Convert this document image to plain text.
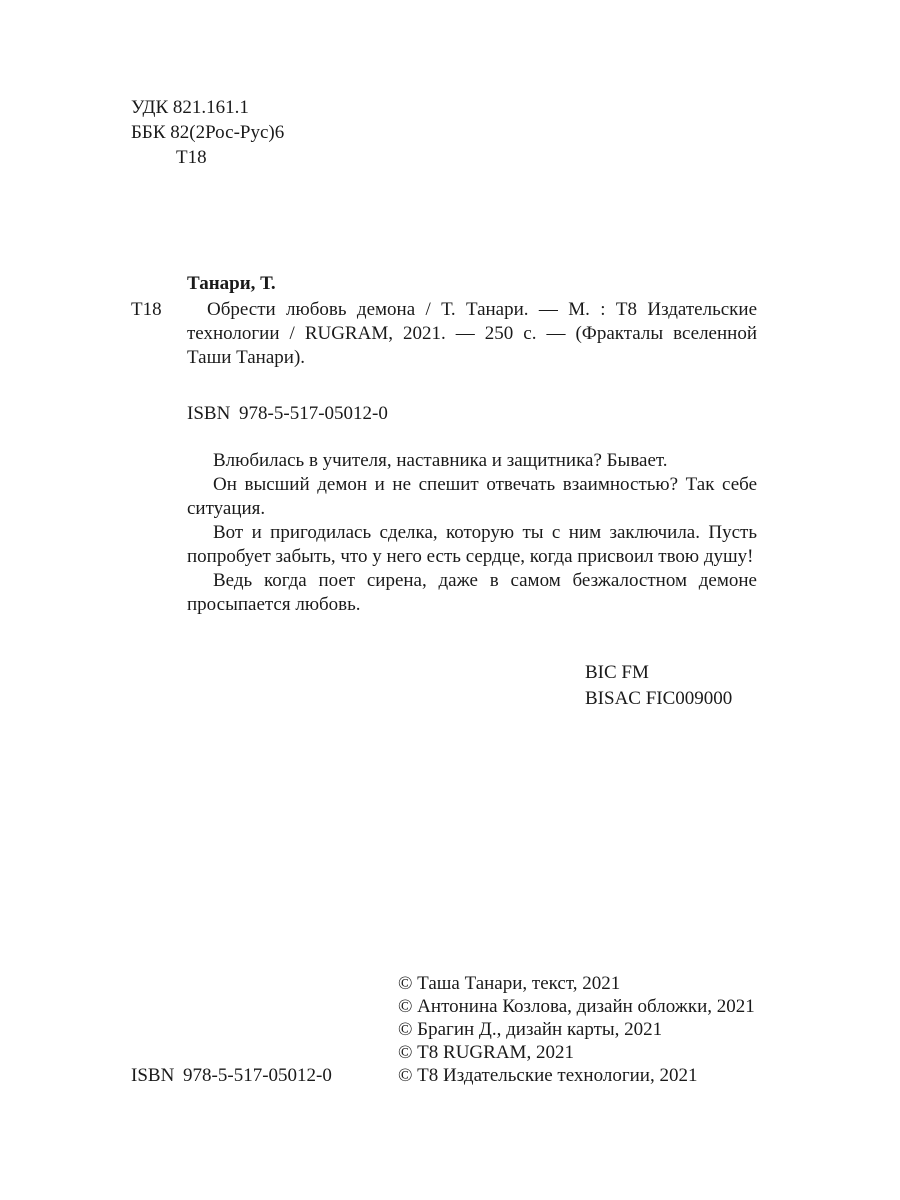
УДК 821.161.1
ББК 82(2Рос-Рус)6
Т18
Танари, Т.
Т18	Обрести любовь демона / Т. Танари. — М. : Т8 Издательские технологии / RUGRAM, 2021. — 250 с. — (Фракталы вселенной Таши Танари).
ISBN 978-5-517-05012-0

Влюбилась в учителя, наставника и защитника? Бывает.

Он высший демон и не спешит отвечать взаимностью? Так себе ситуация.

Вот и пригодилась сделка, которую ты с ним заключила. Пусть попробует забыть, что у него есть сердце, когда присвоил твою душу!

Ведь когда поет сирена, даже в самом безжалостном демоне просыпается любовь.

BIC FM
BISAC FIC009000
ISBN 978-5-517-05012-0
© Таша Танари, текст, 2021
© Антонина Козлова, дизайн обложки, 2021
© Брагин Д., дизайн карты, 2021
© Т8 RUGRAM, 2021
© Т8 Издательские технологии, 2021
